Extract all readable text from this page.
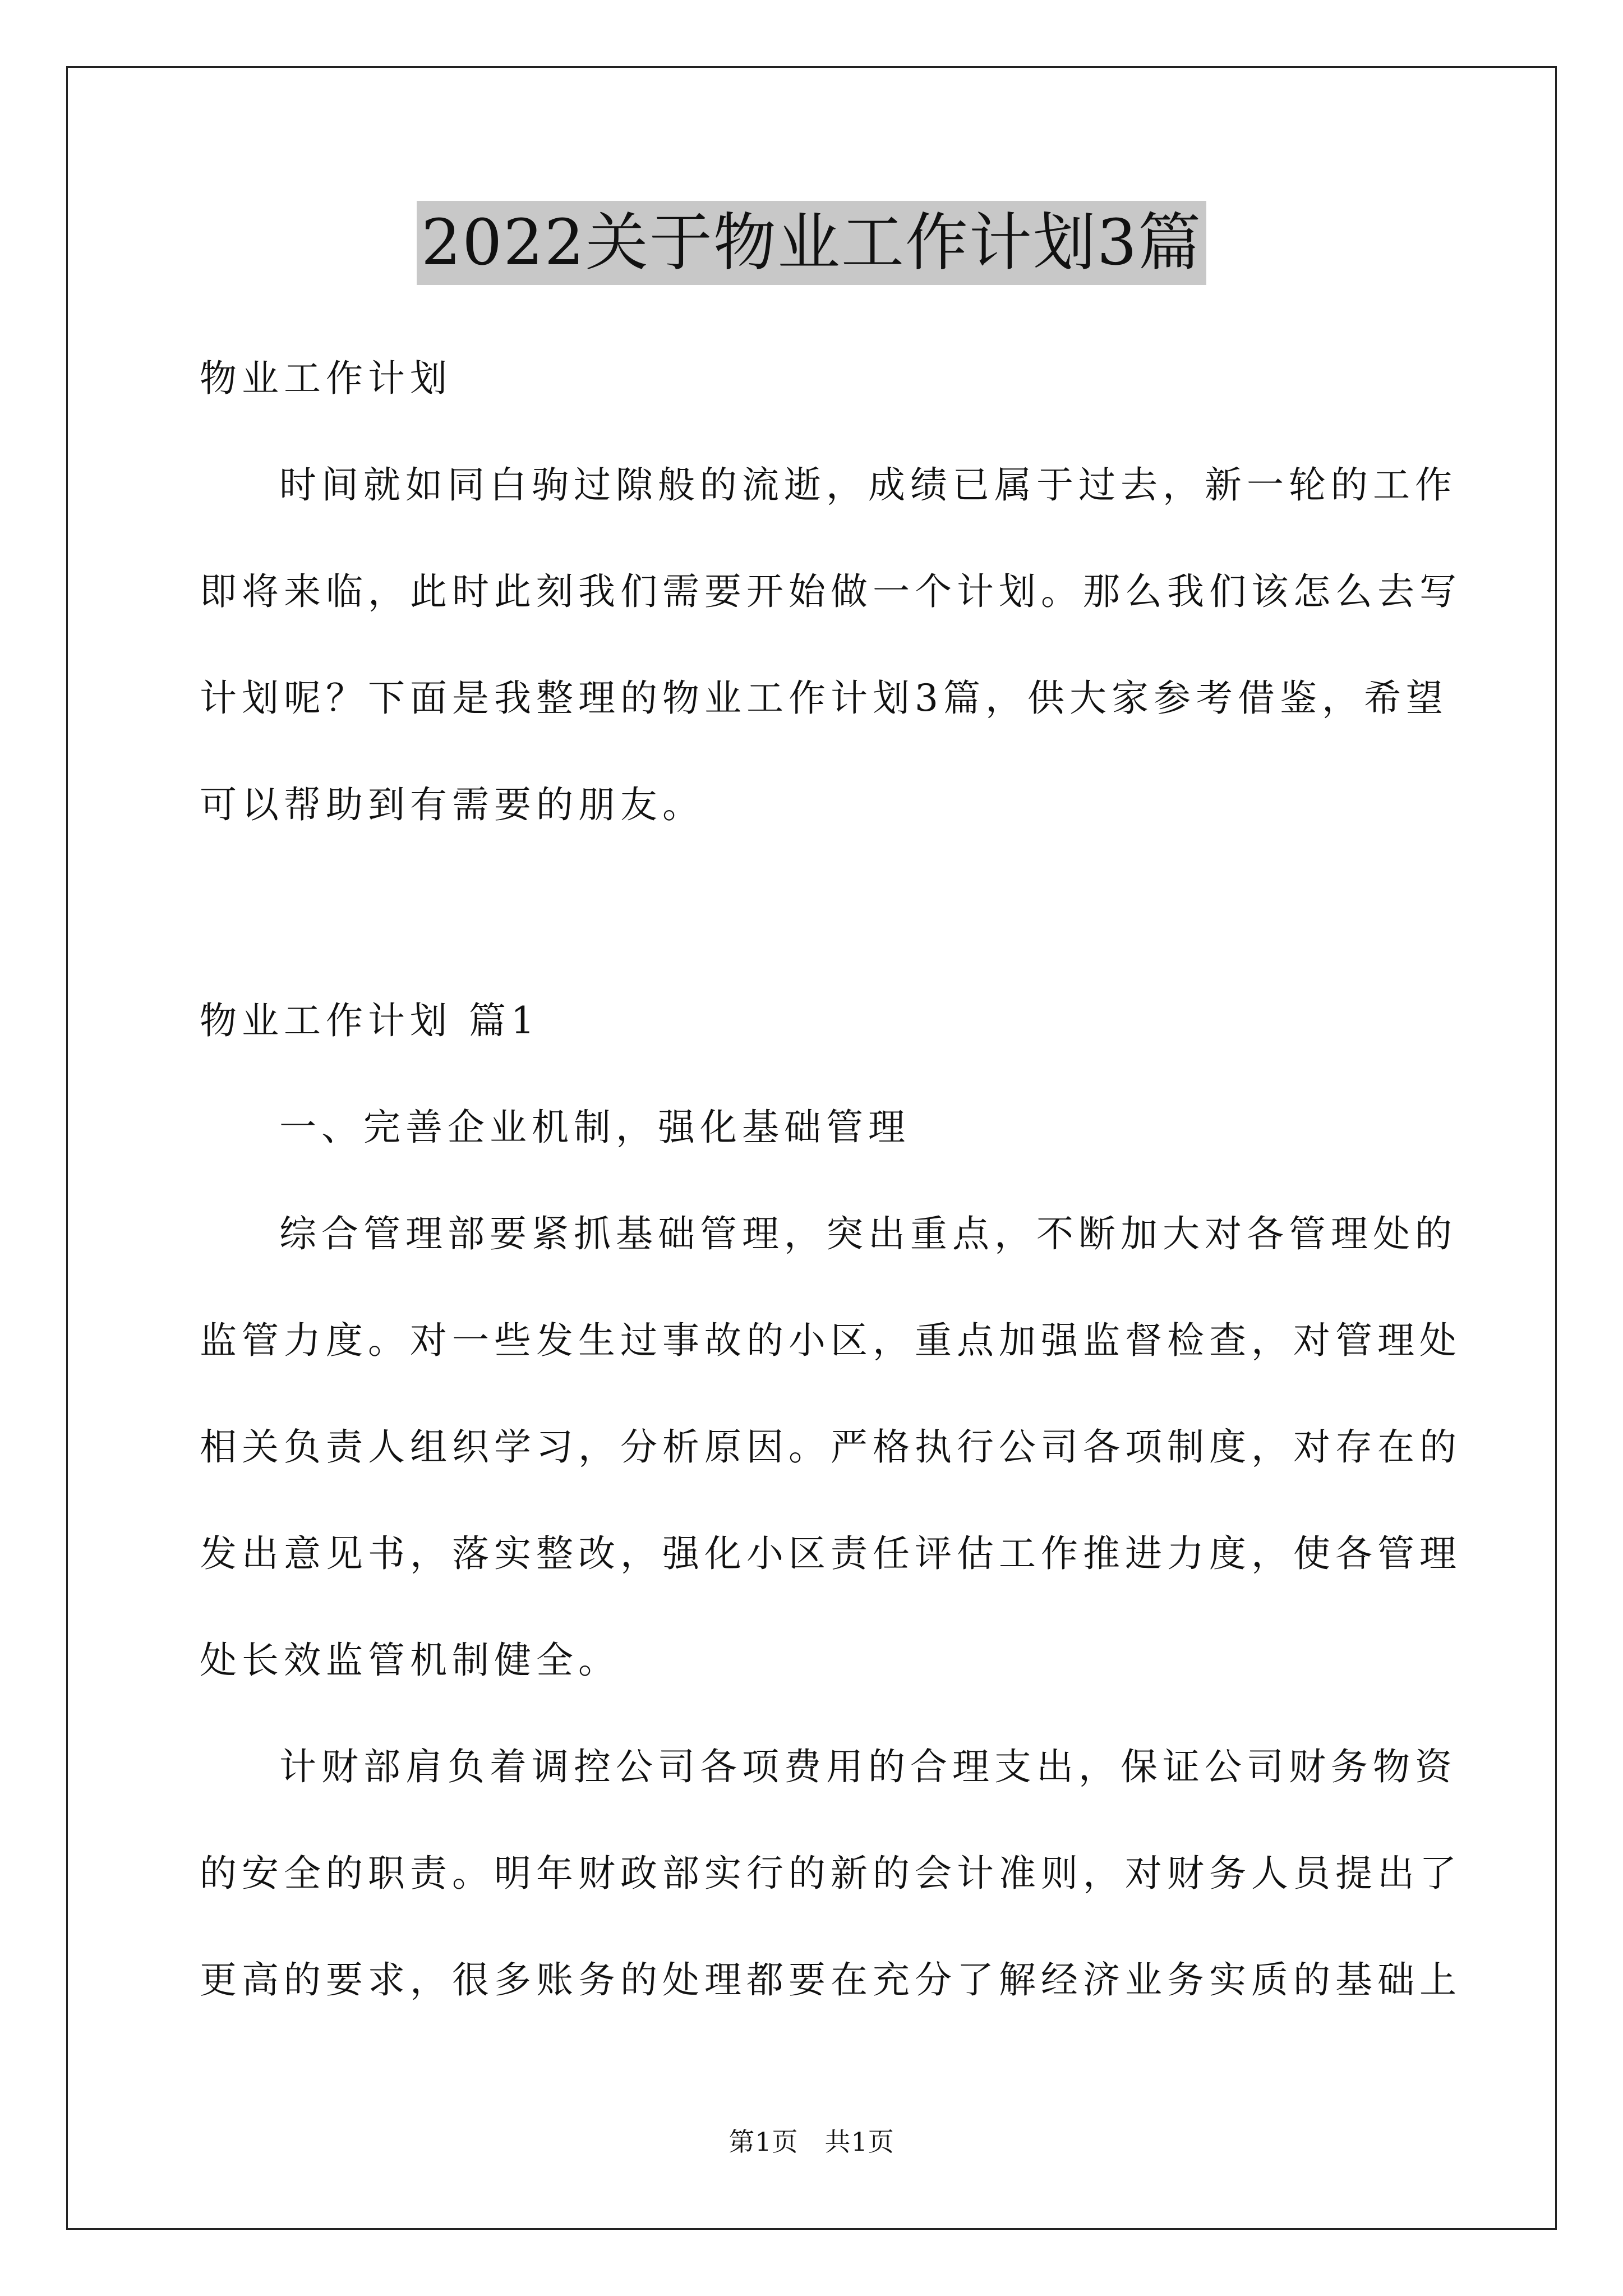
2022关于物业工作计划3篇
物业工作计划
时间就如同白驹过隙般的流逝，成绩已属于过去，新一轮的工作
即将来临，此时此刻我们需要开始做一个计划。那么我们该怎么去写
计划呢？下面是我整理的物业工作计划3篇，供大家参考借鉴，希望
可以帮助到有需要的朋友。
物业工作计划 篇1
一、完善企业机制，强化基础管理
综合管理部要紧抓基础管理，突出重点，不断加大对各管理处的
监管力度。对一些发生过事故的小区，重点加强监督检查，对管理处
相关负责人组织学习，分析原因。严格执行公司各项制度，对存在的
发出意见书，落实整改，强化小区责任评估工作推进力度，使各管理
处长效监管机制健全。
计财部肩负着调控公司各项费用的合理支出，保证公司财务物资
的安全的职责。明年财政部实行的新的会计准则，对财务人员提出了
更高的要求，很多账务的处理都要在充分了解经济业务实质的基础上
第1页　共1页
